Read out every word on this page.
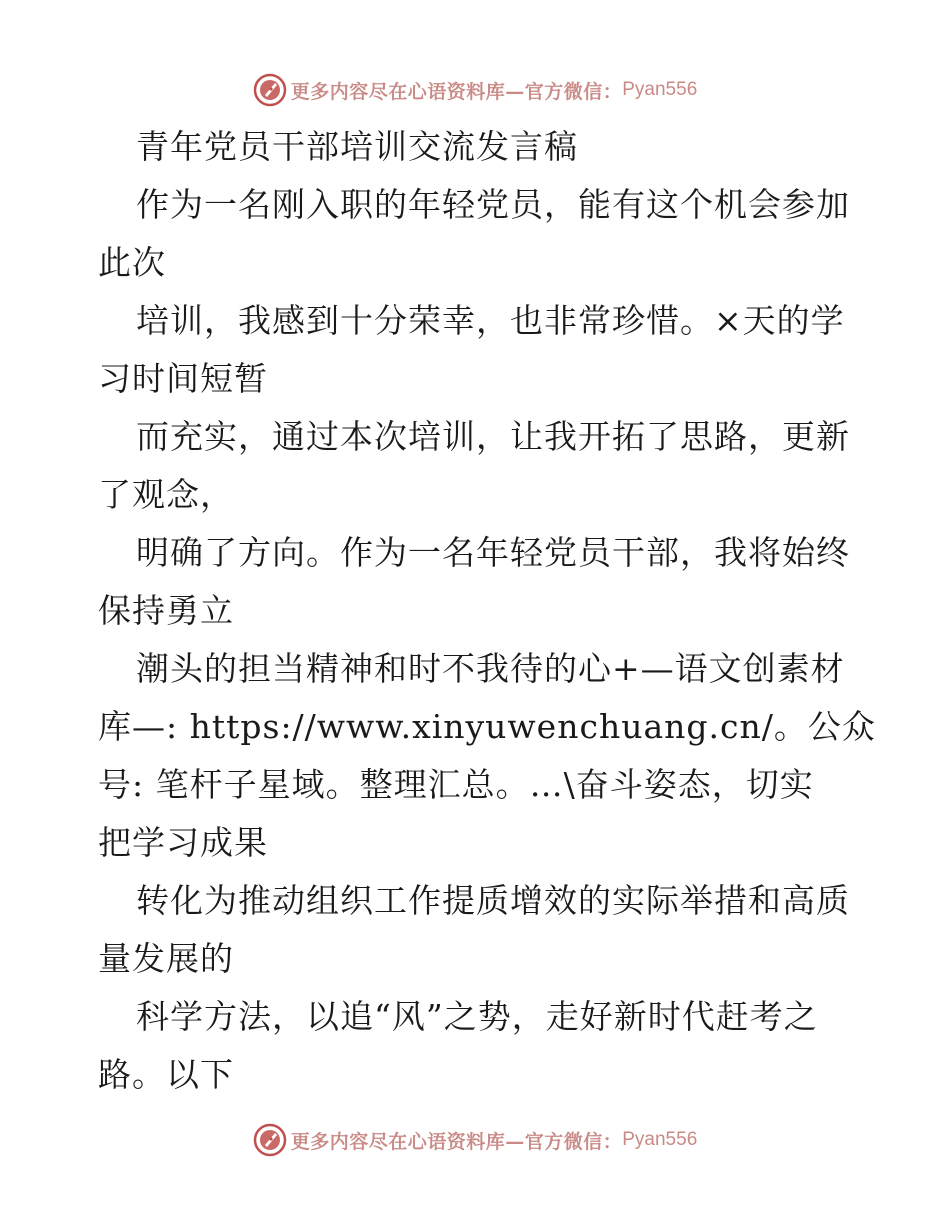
更多内容尽在心语资料库—官方微信： Pyan556
青年党员干部培训交流发言稿
作为一名刚入职的年轻党员，能有这个机会参加
此次
培训，我感到十分荣幸，也非常珍惜。×天的学
习时间短暂
而充实，通过本次培训，让我开拓了思路，更新
了观念，
明确了方向。作为一名年轻党员干部，我将始终
保持勇立
潮头的担当精神和时不我待的心+—语文创素材
库—: https://www.xinyuwenchuang.cn/。公众
号: 笔杆子星域。整理汇总。…\奋斗姿态，切实
把学习成果
转化为推动组织工作提质增效的实际举措和高质
量发展的
科学方法，以追“风”之势，走好新时代赶考之
路。以下
更多内容尽在心语资料库—官方微信： Pyan556
